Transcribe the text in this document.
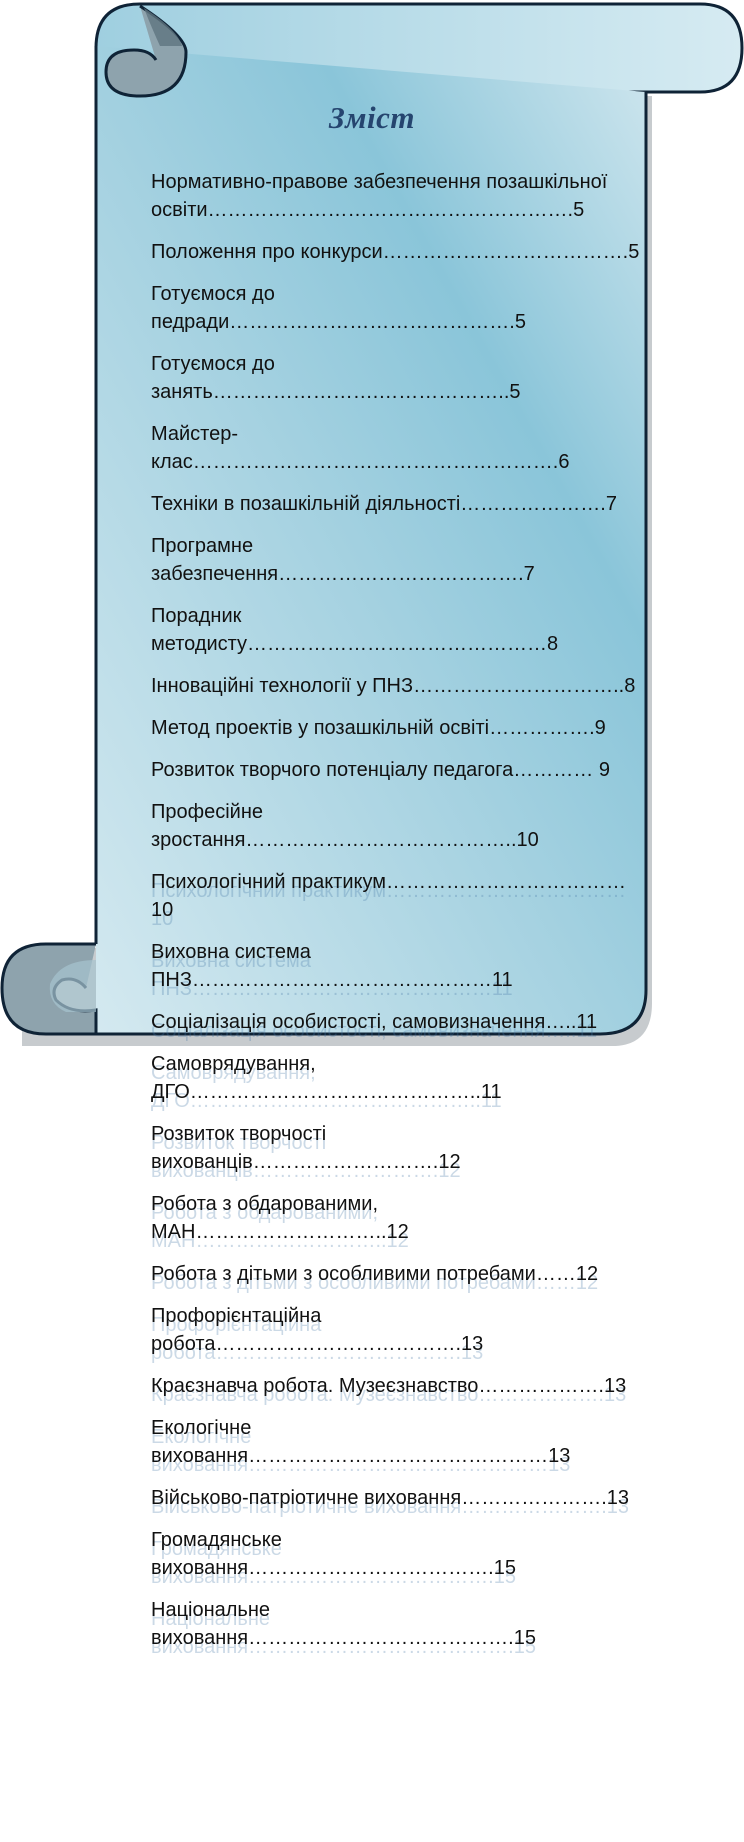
Зміст
Нормативно-правове забезпечення позашкільної освіти……………………………………………….5
Положення про конкурси……………………………….5
Готуємося до педради…………………………………….5
Готуємося до занять…………………….………………..5
Майстер-клас……………………………………………….6
Техніки в позашкільній діяльності………………….7
Програмне забезпечення……………………………….7
Порадник методисту………………………………………8
Інноваційні технології у ПНЗ…………………………..8
Метод проектів у позашкільній освіті…………….9
Розвиток творчого потенціалу педагога………… 9
Професійне зростання…………………………………..10
Психологічний практикум………………………………10
Виховна система ПНЗ………………………………………11
Соціалізація особистості, самовизначення…..11
Самоврядування, ДГО……………………………………..11
Розвиток творчості вихованців……………………….12
Робота з обдарованими, МАН………………………..12
Робота з дітьми з особливими потребами……12
Профорієнтаційна робота……………………………….13
Краєзнавча робота. Музеєзнавство……………….13
Екологічне виховання………………………………………13
Військово-патріотичне виховання………………….13
Громадянське виховання……………………………….15
Національне виховання………………………………….15
